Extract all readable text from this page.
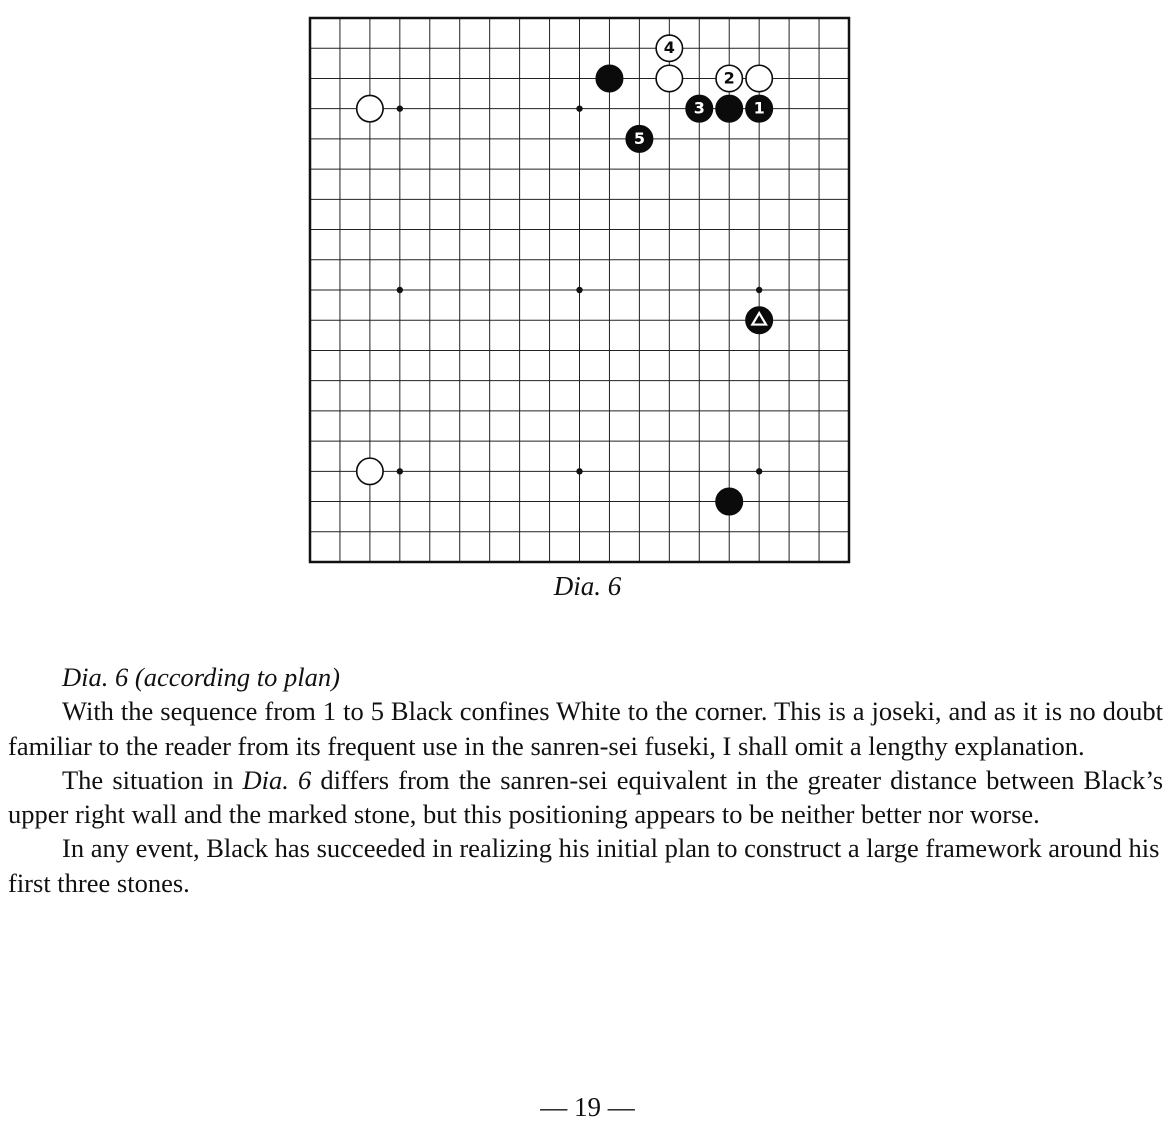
1
2
3
4
5
Dia. 6

Dia. 6 (according to plan)

With the sequence from 1 to 5 Black confines White to the corner. This is a joseki, and as it is no doubt familiar to the reader from its frequent use in the sanren-sei fuseki, I shall omit a lengthy explanation.

The situation in Dia. 6 differs from the sanren-sei equivalent in the greater distance between Black’s upper right wall and the marked stone, but this positioning appears to be neither better nor worse.

In any event, Black has succeeded in realizing his initial plan to construct a large framework around his first three stones.

— 19 —
